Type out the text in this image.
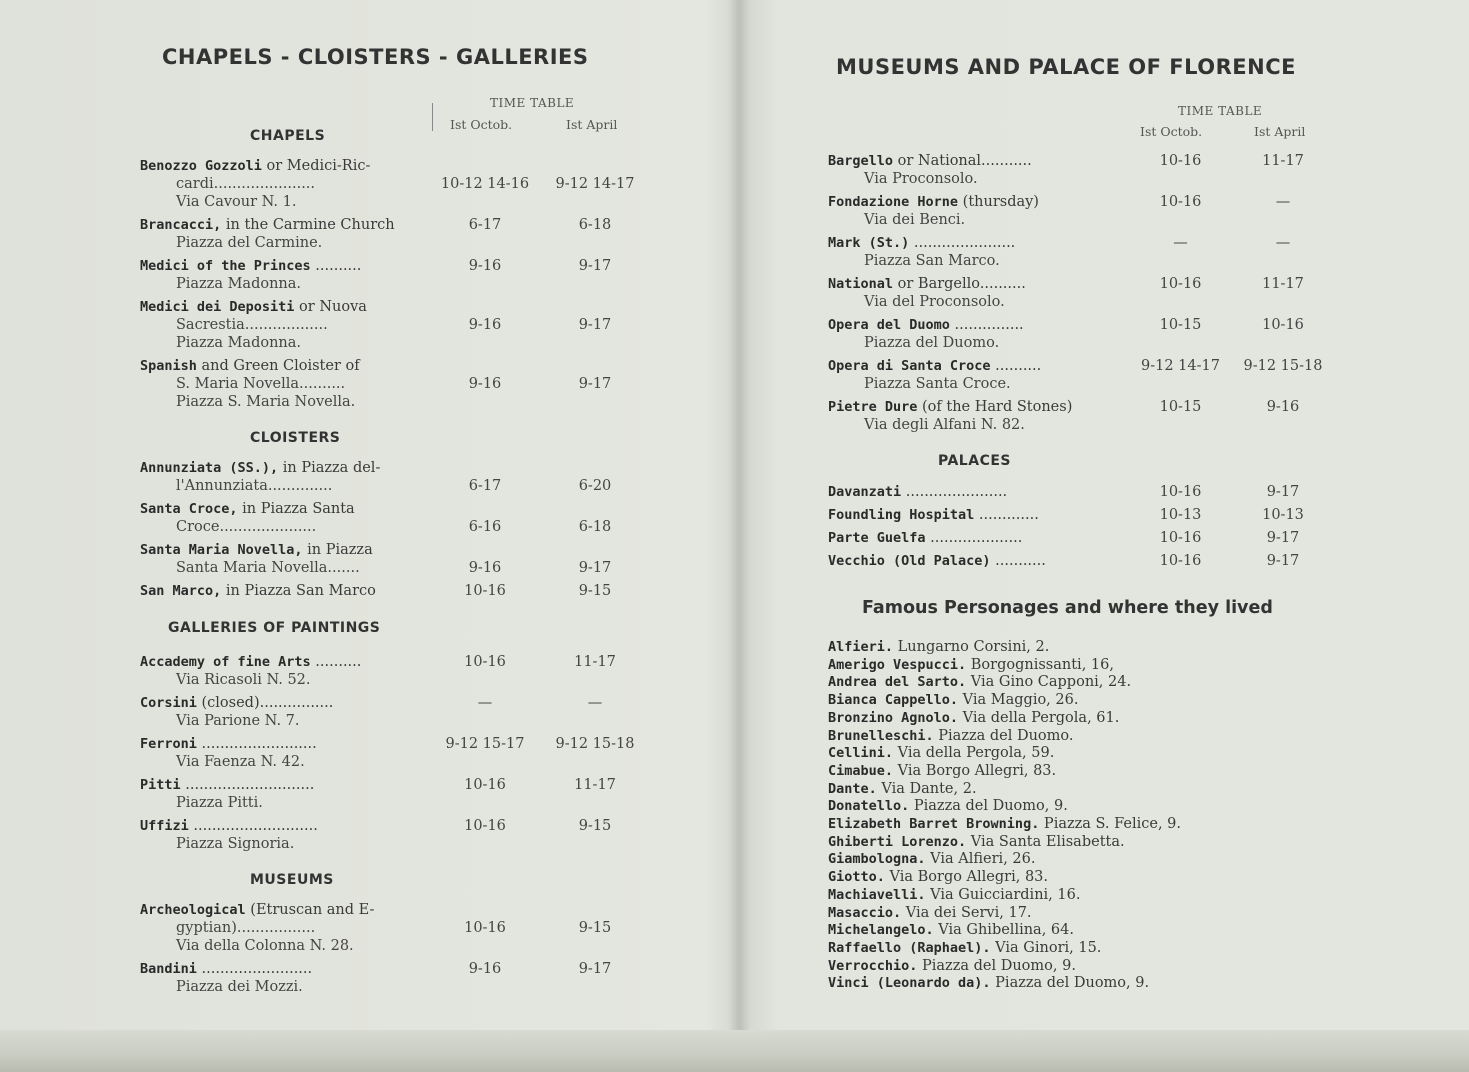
CHAPELS - CLOISTERS - GALLERIES
TIME TABLE
Ist Octob.	Ist April
CHAPELS
Benozzo Gozzoli or Medici-Ric-
cardi......................	10-12 14-16	9-12 14-17
Via Cavour N. 1.
Brancacci, in the Carmine Church	6-17	6-18
Piazza del Carmine.
Medici of the Princes ..........	9-16	9-17
Piazza Madonna.
Medici dei Depositi or Nuova
Sacrestia..................	9-16	9-17
Piazza Madonna.
Spanish and Green Cloister of
S. Maria Novella..........	9-16	9-17
Piazza S. Maria Novella.
CLOISTERS
Annunziata (SS.), in Piazza del-
l'Annunziata..............	6-17	6-20
Santa Croce, in Piazza Santa
Croce.....................	6-16	6-18
Santa Maria Novella, in Piazza
Santa Maria Novella.......	9-16	9-17
San Marco, in Piazza San Marco	10-16	9-15
GALLERIES OF PAINTINGS
Accademy of fine Arts ..........	10-16	11-17
Via Ricasoli N. 52.
Corsini (closed)................	—	—
Via Parione N. 7.
Ferroni .........................	9-12 15-17	9-12 15-18
Via Faenza N. 42.
Pitti ............................	10-16	11-17
Piazza Pitti.
Uffizi ...........................	10-16	9-15
Piazza Signoria.
MUSEUMS
Archeological (Etruscan and E-
gyptian).................	10-16	9-15
Via della Colonna N. 28.
Bandini ........................	9-16	9-17
Piazza dei Mozzi.
MUSEUMS AND PALACE OF FLORENCE
TIME TABLE
Ist Octob.	Ist April
Bargello or National...........	10-16	11-17
Via Proconsolo.
Fondazione Horne (thursday)	10-16	—
Via dei Benci.
Mark (St.) ......................	—	—
Piazza San Marco.
National or Bargello..........	10-16	11-17
Via del Proconsolo.
Opera del Duomo ...............	10-15	10-16
Piazza del Duomo.
Opera di Santa Croce ..........	9-12 14-17	9-12 15-18
Piazza Santa Croce.
Pietre Dure (of the Hard Stones)	10-15	9-16
Via degli Alfani N. 82.
PALACES
Davanzati ......................	10-16	9-17
Foundling Hospital .............	10-13	10-13
Parte Guelfa ....................	10-16	9-17
Vecchio (Old Palace) ...........	10-16	9-17
Famous Personages and where they lived
Alfieri. Lungarno Corsini, 2.
Amerigo Vespucci. Borgognissanti, 16,
Andrea del Sarto. Via Gino Capponi, 24.
Bianca Cappello. Via Maggio, 26.
Bronzino Agnolo. Via della Pergola, 61.
Brunelleschi. Piazza del Duomo.
Cellini. Via della Pergola, 59.
Cimabue. Via Borgo Allegri, 83.
Dante. Via Dante, 2.
Donatello. Piazza del Duomo, 9.
Elizabeth Barret Browning. Piazza S. Felice, 9.
Ghiberti Lorenzo. Via Santa Elisabetta.
Giambologna. Via Alfieri, 26.
Giotto. Via Borgo Allegri, 83.
Machiavelli. Via Guicciardini, 16.
Masaccio. Via dei Servi, 17.
Michelangelo. Via Ghibellina, 64.
Raffaello (Raphael). Via Ginori, 15.
Verrocchio. Piazza del Duomo, 9.
Vinci (Leonardo da). Piazza del Duomo, 9.
